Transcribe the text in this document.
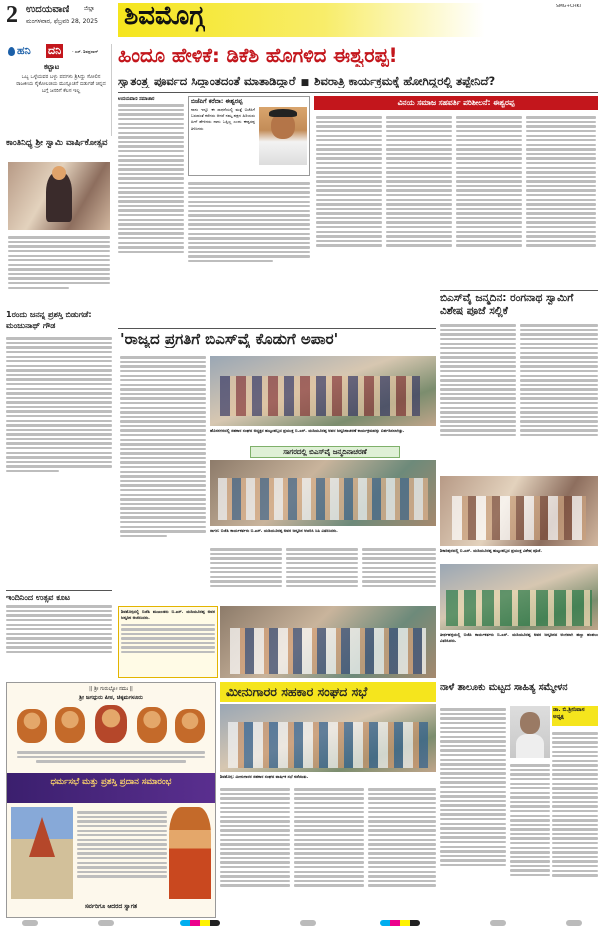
2 ಉದಯವಾಣಿ ಜಿಲ್ಲಾ
ಮಂಗಳವಾರ, ಫೆಬ್ರವರಿ 28, 2025 ಶಿವಮೊಗ್ಗ	SMG+CHKI
ಹನಿ ದನಿ	- ಎಸ್. ಶಿವಪ್ರಸಾದ್
ಕಟ್ಟಾಟ
ಒಬ್ಬ ಒಳ್ಳೆಯವರ ಬಳ್ಳು ಪದಗಳು ಶ್ರಿಸಿದ್ದು ಸೋಲಿನ ರಾಜಕೀಯ ಸೈಕೋಲಜಿಯ ಮುನ್ಸೂಚನೆ ಬಿಡುಗಡೆ ಚಿನ್ನದ ಬಗ್ಗೆ ಜನರಿಗೆ ಕೆಲಸ ಇಲ್ಲ
ಕಾಂತಿನಿಧ್ಯ ಶ್ರೀ ಸ್ವಾಮಿ ವಾರ್ಷಿಕೋತ್ಸವ
1ರಂದು ಜನನ್ನ ಪ್ರಶಸ್ತಿ ಬಿಡುಗಡೆ: ಮಂಜುನಾಥ್ ಗೌಡ
ಹಿಂದೂ ಹೇಳಿಕೆ: ಡಿಕೆಶಿ ಹೊಗಳಿದ ಈಶ್ವರಪ್ಪ!
ಸ್ವಾತಂತ್ರ್ಯ ಪೂರ್ವದ ಸಿದ್ಧಾಂತದಂತೆ ಮಾತಾಡಿದ್ದಾರೆ ■ ಶಿವರಾತ್ರಿ ಕಾರ್ಯಕ್ರಮಕ್ಕೆ ಹೋಗಿದ್ದರಲ್ಲಿ ತಪ್ಪೇನಿದೆ?
ಉದಯವಾಣಿ ಸಮಾಚಾರ	ಬಿಜೆಪಿಗೆ ಕರೆದಾ: ಈಶ್ವರಪ್ಪ
ನಾನು ಇನ್ನೂ ಈ ಸಾಧನೆಯಲ್ಲಿ ಮತ್ತೆ ಬಿಜೆಪಿಗೆ ಬರುವಂತೆ ಕರೆದರು ಆದರೆ ನಮ್ಮ ಪಕ್ಷದ ಹಿರಿಯರು ಹೀಗೆ ಹೇಳಿದರು ನಾನು ಒಪ್ಪಿಲ್ಲ ಎಂದು ಈಶ್ವರಪ್ಪ ತಿಳಿಸಿದರು
ವಿನಯ ಸಮಾಜ ಸಹವರ್ತಿ ಪರಿಶೀಲನೆ: ಈಶ್ವರಪ್ಪ
'ರಾಜ್ಯದ ಪ್ರಗತಿಗೆ ಬಿಎಸ್‌ವೈ ಕೊಡುಗೆ ಅಪಾರ'
ಹೊಸನಗರದಲ್ಲಿ ಸಹಕಾರ ಸಂಘದ ಅಧ್ಯಕ್ಷರ ಹುಟ್ಟುಹಬ್ಬದ ಪ್ರಯುಕ್ತ ಬಿ.ಎಸ್. ಯಡಿಯೂರಪ್ಪ ಅವರ ಜನ್ಮದಿನಾಚರಣೆ ಕಾರ್ಯಕ್ರಮವನ್ನು ಏರ್ಪಡಿಸಲಾಗಿತ್ತು.
ಸಾಗರದಲ್ಲಿ ಬಿಎಸ್‌ವೈ ಜನ್ಮದಿನಾಚರಣೆ
ಸಾಗರ: ಬಿಜೆಪಿ ಕಾರ್ಯಕರ್ತರು ಬಿ.ಎಸ್. ಯಡಿಯೂರಪ್ಪ ಅವರ ಜನ್ಮದಿನ ಆಚರಿಸಿ ಸಿಹಿ ವಿತರಿಸಿದರು.
ಬಿಎಸ್‌ವೈ ಜನ್ಮದಿನ: ರಂಗನಾಥ ಸ್ವಾಮಿಗೆ ವಿಶೇಷ ಪೂಜೆ ಸಲ್ಲಿಕೆ
ಶಿಕಾರಿಪುರದಲ್ಲಿ ಬಿ.ಎಸ್. ಯಡಿಯೂರಪ್ಪ ಹುಟ್ಟುಹಬ್ಬದ ಪ್ರಯುಕ್ತ ವಿಶೇಷ ಪೂಜೆ.
ತೀರ್ಥಹಳ್ಳಿಯಲ್ಲಿ ಬಿಜೆಪಿ ಕಾರ್ಯಕರ್ತರು ಬಿ.ಎಸ್. ಯಡಿಯೂರಪ್ಪ ಅವರ ಜನ್ಮದಿನದ ಅಂಗವಾಗಿ ಹಣ್ಣು ಹಂಪಲು ವಿತರಿಸಿದರು.
ಶಿವಮೊಗ್ಗದಲ್ಲಿ ಬಿಜೆಪಿ ಮುಖಂಡರು ಬಿ.ಎಸ್. ಯಡಿಯೂರಪ್ಪ ಅವರ ಜನ್ಮದಿನ ಆಚರಿಸಿದರು.
ಇಂದಿನಿಂದ ಉತ್ಸವ ಕೂಟ
ಮೀನುಗಾರರ ಸಹಕಾರ ಸಂಘದ ಸಭೆ
ಶಿವಮೊಗ್ಗ: ಮೀನುಗಾರರ ಸಹಕಾರ ಸಂಘದ ವಾರ್ಷಿಕ ಸಭೆ ನಡೆಯಿತು.
ನಾಳೆ ತಾಲೂಕು ಮಟ್ಟದ ಸಾಹಿತ್ಯ ಸಮ್ಮೇಳನ
ಡಾ. ಬಿ.ಶ್ರೀನಿವಾಸ ಅಧ್ಯಕ್ಷ
|| ಶ್ರೀ ಗುರುಭ್ಯೋ ನಮಃ ||
ಶ್ರೀ ಜಗದ್ಗುರು ಪೀಠ, ಚಿಕ್ಕಮಗಳೂರು
ಧರ್ಮಸಭೆ ಮತ್ತು ಪ್ರಶಸ್ತಿ ಪ್ರದಾನ ಸಮಾರಂಭ
ಸರ್ವರಿಗೂ ಆದರದ ಸ್ವಾಗತ
